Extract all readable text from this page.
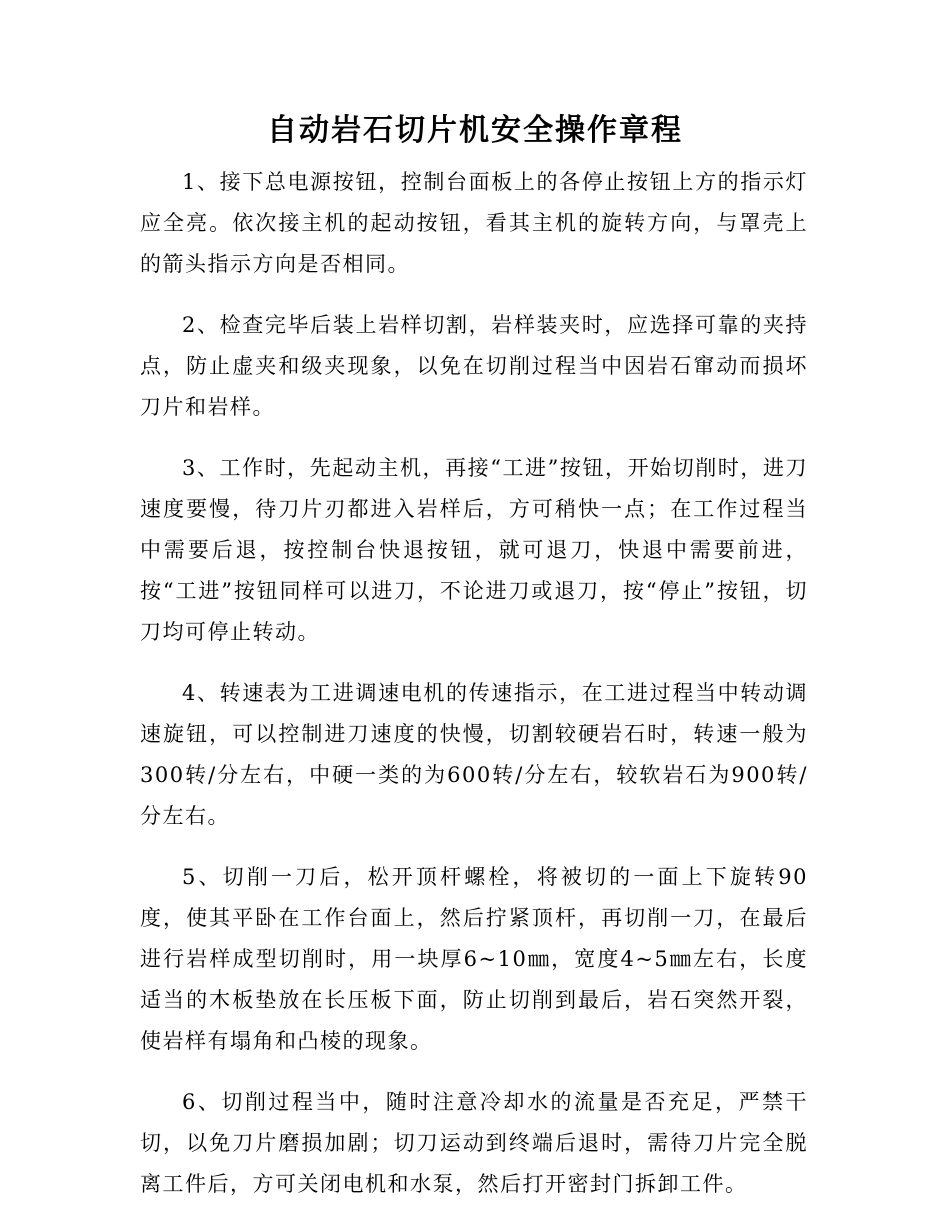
自动岩石切片机安全操作章程

1、接下总电源按钮，控制台面板上的各停止按钮上方的指示灯应全亮。依次接主机的起动按钮，看其主机的旋转方向，与罩壳上的箭头指示方向是否相同。

2、检查完毕后装上岩样切割，岩样装夹时，应选择可靠的夹持点，防止虚夹和级夹现象，以免在切削过程当中因岩石窜动而损坏刀片和岩样。

3、工作时，先起动主机，再接“工进”按钮，开始切削时，进刀速度要慢，待刀片刃都进入岩样后，方可稍快一点；在工作过程当中需要后退，按控制台快退按钮，就可退刀，快退中需要前进，按“工进”按钮同样可以进刀，不论进刀或退刀，按“停止”按钮，切刀均可停止转动。

4、转速表为工进调速电机的传速指示，在工进过程当中转动调速旋钮，可以控制进刀速度的快慢，切割较硬岩石时，转速一般为300转/分左右，中硬一类的为600转/分左右，较软岩石为900转/分左右。

5、切削一刀后，松开顶杆螺栓，将被切的一面上下旋转90度，使其平卧在工作台面上，然后拧紧顶杆，再切削一刀，在最后进行岩样成型切削时，用一块厚6~10㎜，宽度4~5㎜左右，长度适当的木板垫放在长压板下面，防止切削到最后，岩石突然开裂，使岩样有塌角和凸棱的现象。

6、切削过程当中，随时注意冷却水的流量是否充足，严禁干切，以免刀片磨损加剧；切刀运动到终端后退时，需待刀片完全脱离工件后，方可关闭电机和水泵，然后打开密封门拆卸工件。
